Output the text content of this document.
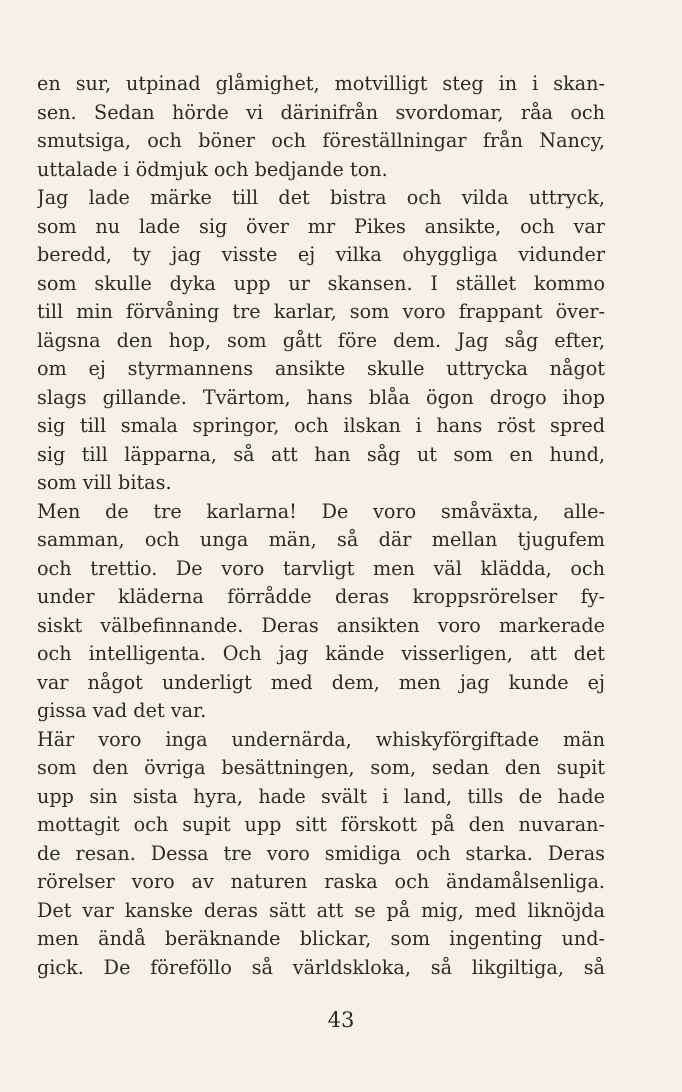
en sur, utpinad glåmighet, motvilligt steg in i skan-
sen. Sedan hörde vi därinifrån svordomar, råa och
smutsiga, och böner och föreställningar från Nancy,
uttalade i ödmjuk och bedjande ton.
Jag lade märke till det bistra och vilda uttryck,
som nu lade sig över mr Pikes ansikte, och var
beredd, ty jag visste ej vilka ohyggliga vidunder
som skulle dyka upp ur skansen. I stället kommo
till min förvåning tre karlar, som voro frappant över-
lägsna den hop, som gått före dem. Jag såg efter,
om ej styrmannens ansikte skulle uttrycka något
slags gillande. Tvärtom, hans blåa ögon drogo ihop
sig till smala springor, och ilskan i hans röst spred
sig till läpparna, så att han såg ut som en hund,
som vill bitas.
Men de tre karlarna! De voro småväxta, alle-
samman, och unga män, så där mellan tjugufem
och trettio. De voro tarvligt men väl klädda, och
under kläderna förrådde deras kroppsrörelser fy-
siskt välbefinnande. Deras ansikten voro markerade
och intelligenta. Och jag kände visserligen, att det
var något underligt med dem, men jag kunde ej
gissa vad det var.
Här voro inga undernärda, whiskyförgiftade män
som den övriga besättningen, som, sedan den supit
upp sin sista hyra, hade svält i land, tills de hade
mottagit och supit upp sitt förskott på den nuvaran-
de resan. Dessa tre voro smidiga och starka. Deras
rörelser voro av naturen raska och ändamålsenliga.
Det var kanske deras sätt att se på mig, med liknöjda
men ändå beräknande blickar, som ingenting und-
gick. De föreföllo så världskloka, så likgiltiga, så
43
